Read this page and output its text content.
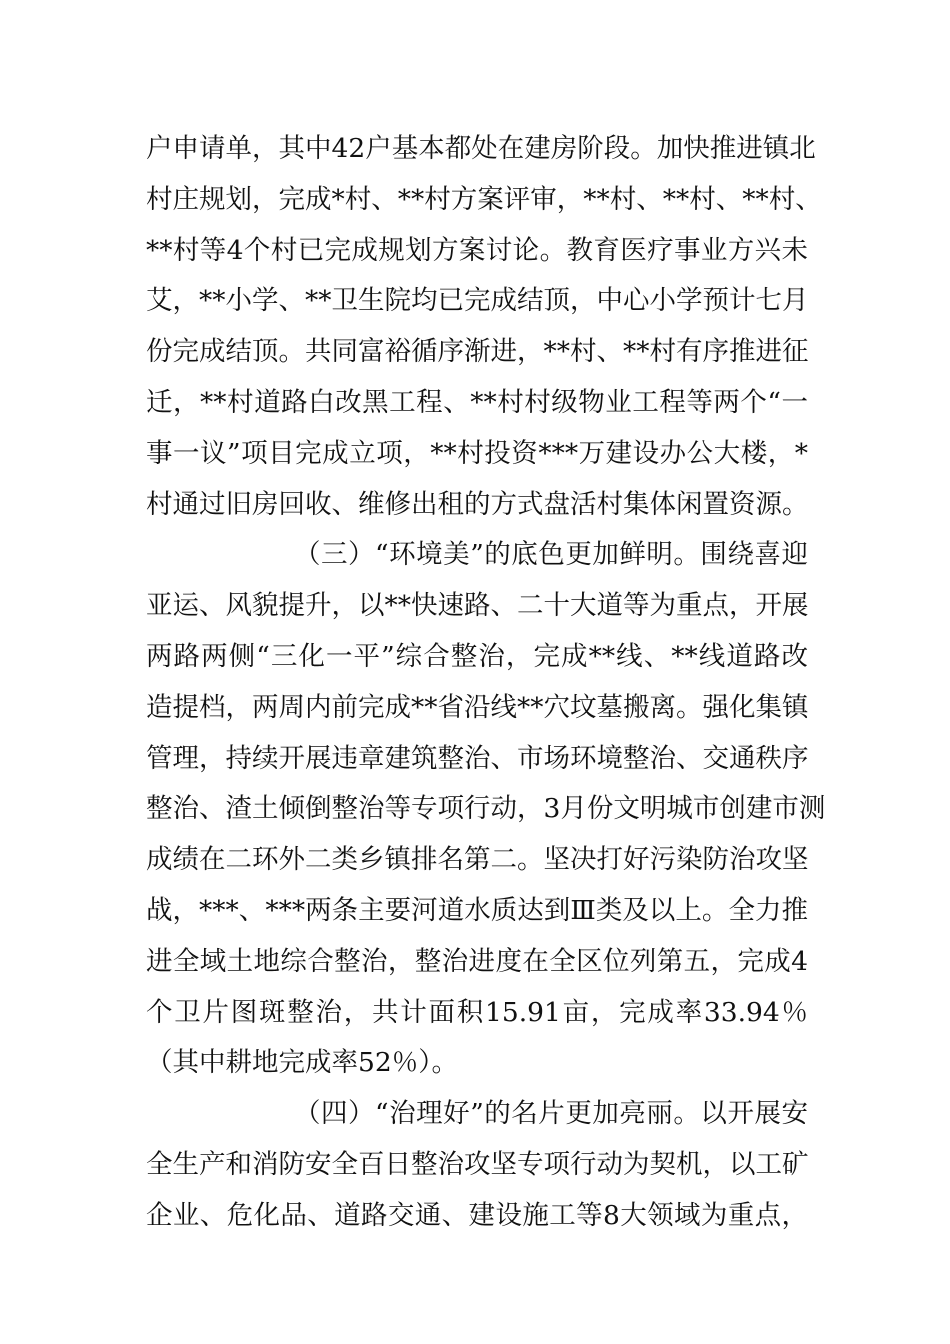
户申请单，其中42户基本都处在建房阶段。加快推进镇北
村庄规划，完成*村、**村方案评审，**村、**村、**村、
**村等4个村已完成规划方案讨论。教育医疗事业方兴未
艾，**小学、**卫生院均已完成结顶，中心小学预计七月
份完成结顶。共同富裕循序渐进，**村、**村有序推进征
迁，**村道路白改黑工程、**村村级物业工程等两个“一
事一议”项目完成立项，**村投资***万建设办公大楼，*
村通过旧房回收、维修出租的方式盘活村集体闲置资源。
（三）“环境美”的底色更加鲜明。围绕喜迎
亚运、风貌提升，以**快速路、二十大道等为重点，开展
两路两侧“三化一平”综合整治，完成**线、**线道路改
造提档，两周内前完成**省沿线**穴坟墓搬离。强化集镇
管理，持续开展违章建筑整治、市场环境整治、交通秩序
整治、渣土倾倒整治等专项行动，3月份文明城市创建市测
成绩在二环外二类乡镇排名第二。坚决打好污染防治攻坚
战，***、***两条主要河道水质达到Ⅲ类及以上。全力推
进全域土地综合整治，整治进度在全区位列第五，完成4
个卫片图斑整治，共计面积15.91亩，完成率33.94％
（其中耕地完成率52％）。
（四）“治理好”的名片更加亮丽。以开展安
全生产和消防安全百日整治攻坚专项行动为契机，以工矿
企业、危化品、道路交通、建设施工等8大领域为重点，
